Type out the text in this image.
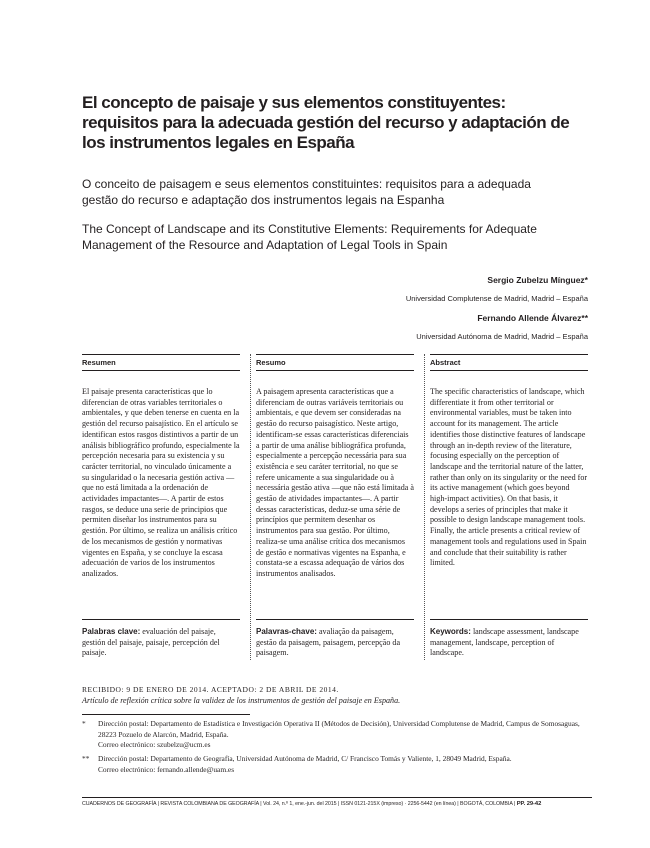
El concepto de paisaje y sus elementos constituyentes: requisitos para la adecuada gestión del recurso y adaptación de los instrumentos legales en España
O conceito de paisagem e seus elementos constituintes: requisitos para a adequada gestão do recurso e adaptação dos instrumentos legais na Espanha
The Concept of Landscape and its Constitutive Elements: Requirements for Adequate Management of the Resource and Adaptation of Legal Tools in Spain
Sergio Zubelzu Mínguez*
Universidad Complutense de Madrid, Madrid – España
Fernando Allende Álvarez**
Universidad Autónoma de Madrid, Madrid – España
Resumen
El paisaje presenta características que lo diferencian de otras variables territoriales o ambientales, y que deben tenerse en cuenta en la gestión del recurso paisajístico. En el artículo se identifican estos rasgos distintivos a partir de un análisis bibliográfico profundo, especialmente la percepción necesaria para su existencia y su carácter territorial, no vinculado únicamente a su singularidad o la necesaria gestión activa —que no está limitada a la ordenación de actividades impactantes—. A partir de estos rasgos, se deduce una serie de principios que permiten diseñar los instrumentos para su gestión. Por último, se realiza un análisis crítico de los mecanismos de gestión y normativas vigentes en España, y se concluye la escasa adecuación de varios de los instrumentos analizados.
Palabras clave: evaluación del paisaje, gestión del paisaje, paisaje, percepción del paisaje.
Resumo
A paisagem apresenta características que a diferenciam de outras variáveis territoriais ou ambientais, e que devem ser consideradas na gestão do recurso paisagístico. Neste artigo, identificam-se essas características diferenciais a partir de uma análise bibliográfica profunda, especialmente a percepção necessária para sua existência e seu caráter territorial, no que se refere unicamente a sua singularidade ou à necessária gestão ativa —que não está limitada à gestão de atividades impactantes—. A partir dessas características, deduz-se uma série de princípios que permitem desenhar os instrumentos para sua gestão. Por último, realiza-se uma análise crítica dos mecanismos de gestão e normativas vigentes na Espanha, e constata-se a escassa adequação de vários dos instrumentos analisados.
Palavras-chave: avaliação da paisagem, gestão da paisagem, paisagem, percepção da paisagem.
Abstract
The specific characteristics of landscape, which differentiate it from other territorial or environmental variables, must be taken into account for its management. The article identifies those distinctive features of landscape through an in-depth review of the literature, focusing especially on the perception of landscape and the territorial nature of the latter, rather than only on its singularity or the need for its active management (which goes beyond high-impact activities). On that basis, it develops a series of principles that make it possible to design landscape management tools. Finally, the article presents a critical review of management tools and regulations used in Spain and conclude that their suitability is rather limited.
Keywords: landscape assessment, landscape management, landscape, perception of landscape.
RECIBIDO: 9 DE ENERO DE 2014. ACEPTADO: 2 DE ABRIL DE 2014.
Artículo de reflexión crítica sobre la validez de los instrumentos de gestión del paisaje en España.
*	Dirección postal: Departamento de Estadística e Investigación Operativa II (Métodos de Decisión), Universidad Complutense de Madrid, Campus de Somosaguas, 28223 Pozuelo de Alarcón, Madrid, España.
Correo electrónico: szubelzu@ucm.es
**	Dirección postal: Departamento de Geografía, Universidad Autónoma de Madrid, C/ Francisco Tomás y Valiente, 1, 28049 Madrid, España.
Correo electrónico: fernando.allende@uam.es
CUADERNOS DE GEOGRAFÍA | REVISTA COLOMBIANA DE GEOGRAFÍA | Vol. 24, n.º 1, ene.-jun. del 2015 | ISSN 0121-215X (impreso) · 2256-5442 (en línea) | BOGOTÁ, COLOMBIA | PP. 29-42
